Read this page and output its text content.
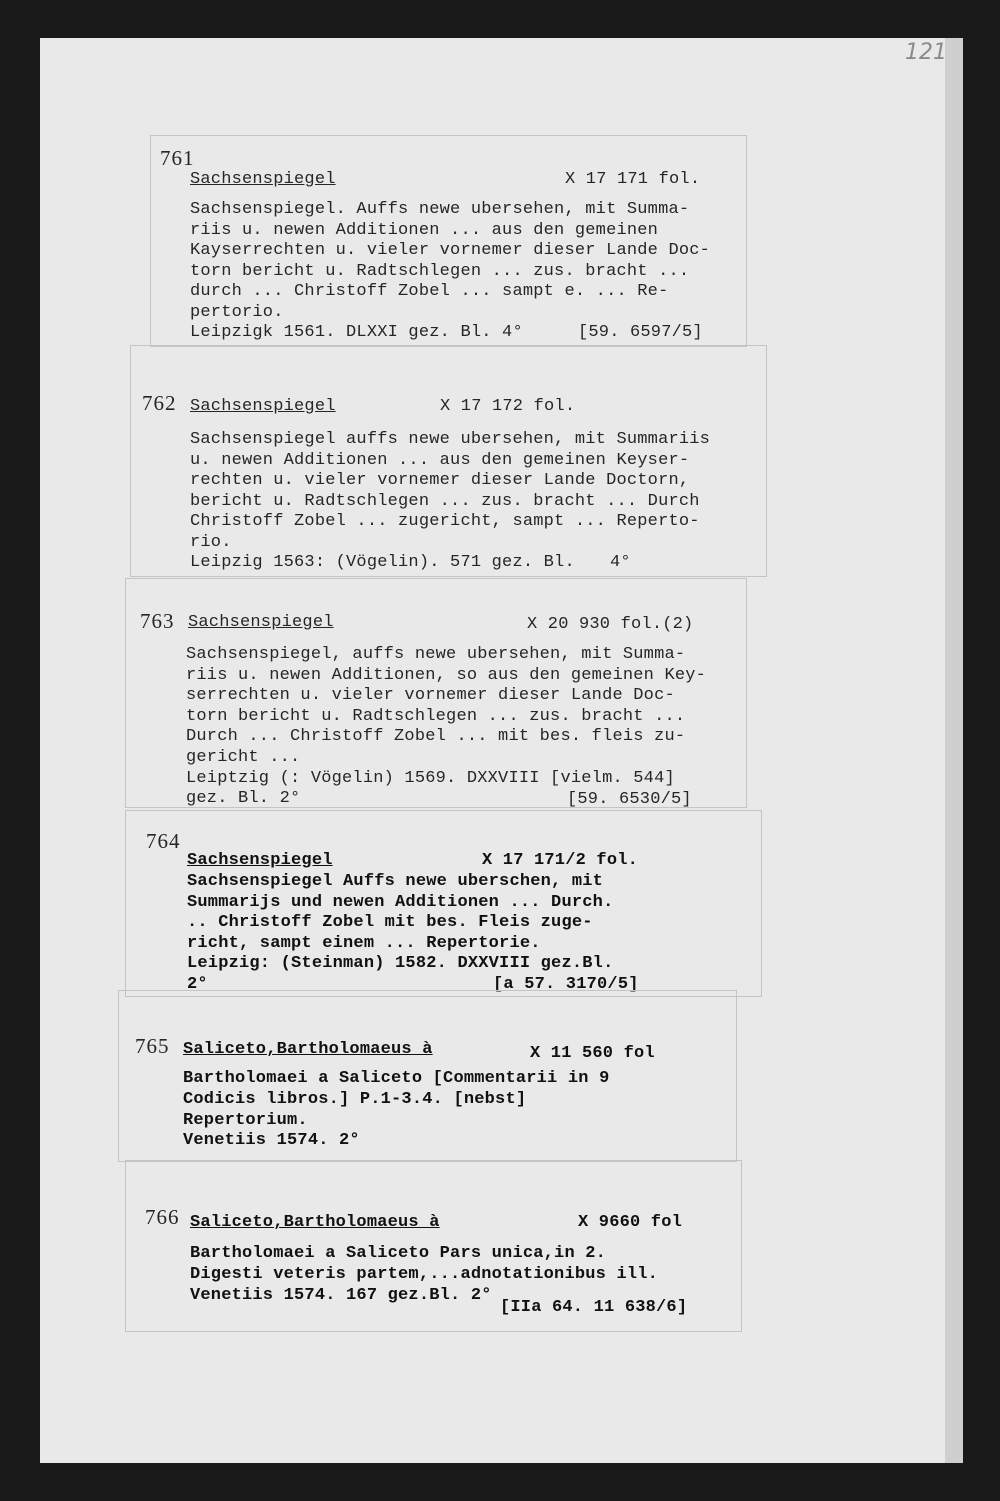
121
761
Sachsenspiegel	X 17 171 fol.
Sachsenspiegel. Auffs newe ubersehen, mit Summa-
riis u. newen Additionen ... aus den gemeinen
Kayserrechten u. vieler vornemer dieser Lande Doc-
torn bericht u. Radtschlegen ... zus. bracht ...
durch ... Christoff Zobel ... sampt e. ... Re-
pertorio.
Leipzigk 1561. DLXXI gez. Bl. 4°	[59. 6597/5]
762 Sachsenspiegel	X 17 172 fol.
Sachsenspiegel auffs newe ubersehen, mit Summariis
u. newen Additionen ... aus den gemeinen Keyser-
rechten u. vieler vornemer dieser Lande Doctorn,
bericht u. Radtschlegen ... zus. bracht ... Durch
Christoff Zobel ... zugericht, sampt ... Reperto-
rio.
Leipzig 1563: (Vögelin). 571 gez. Bl. 4°
763 Sachsenspiegel	X 20 930 fol.(2)
Sachsenspiegel, auffs newe ubersehen, mit Summa-
riis u. newen Additionen, so aus den gemeinen Key-
serrechten u. vieler vornemer dieser Lande Doc-
torn bericht u. Radtschlegen ... zus. bracht ...
Durch ... Christoff Zobel ... mit bes. fleis zu-
gericht ...
Leiptzig (: Vögelin) 1569. DXXVIII [vielm. 544]
gez. Bl. 2°	[59. 6530/5]
764
Sachsenspiegel	X 17 171/2 fol.
Sachsenspiegel Auffs newe uberschen, mit
Summarijs und newen Additionen ... Durch.
.. Christoff Zobel mit bes. Fleis zuge-
richt, sampt einem ... Repertorie.
Leipzig: (Steinman) 1582. DXXVIII gez.Bl.
2°	[a 57. 3170/5]
765 Saliceto,Bartholomaeus à	X 11 560 fol
Bartholomaei a Saliceto [Commentarii in 9
Codicis libros.] P.1-3.4. [nebst]
Repertorium.
Venetiis 1574. 2°
766 Saliceto,Bartholomaeus à	X 9660 fol
Bartholomaei a Saliceto Pars unica,in 2.
Digesti veteris partem,...adnotationibus ill.
Venetiis 1574. 167 gez.Bl. 2°
[IIa 64. 11 638/6]
